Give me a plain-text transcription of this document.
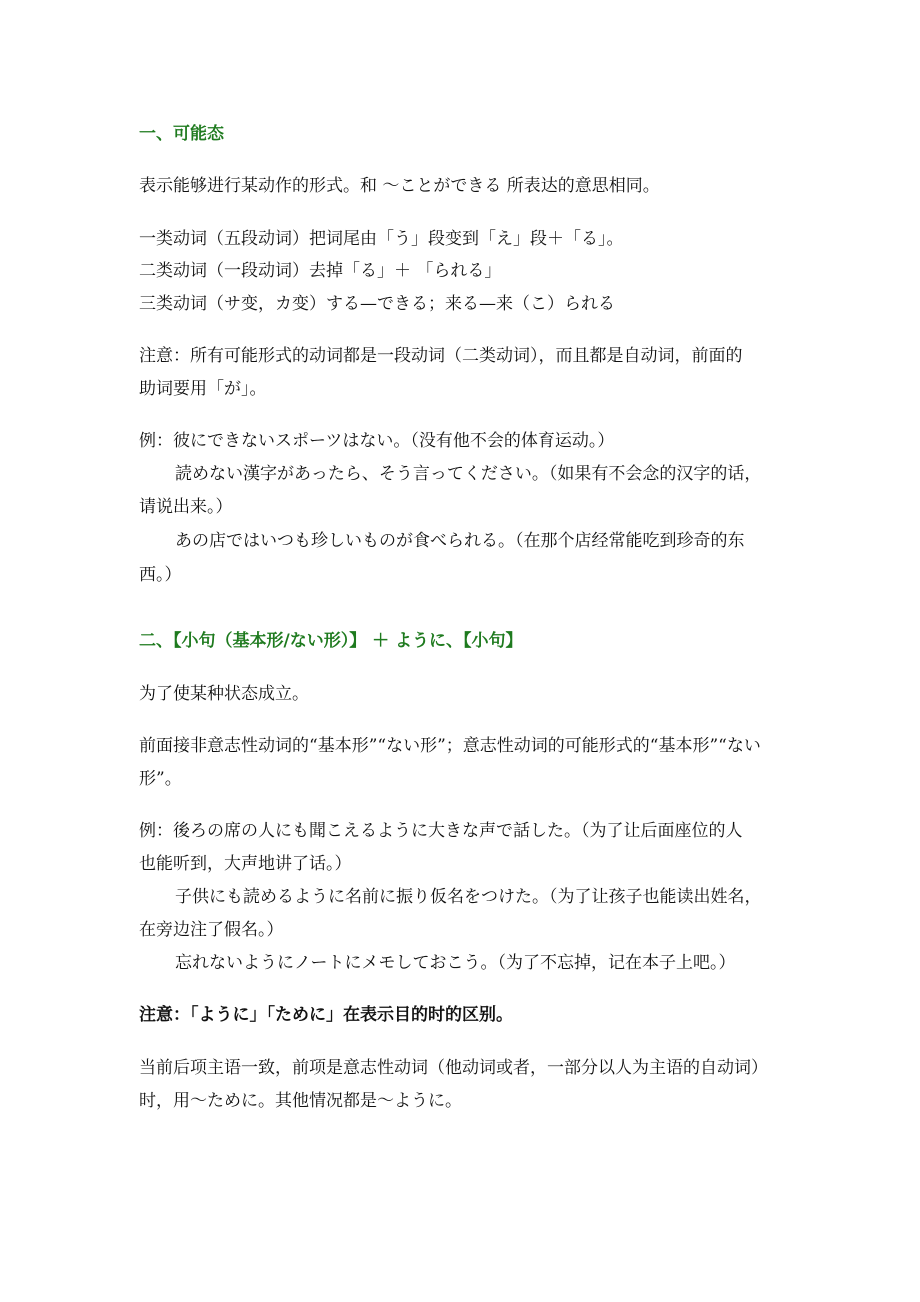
一、可能态
表示能够进行某动作的形式。和 ～ことができる 所表达的意思相同。
一类动词（五段动词）把词尾由「う」段变到「え」段＋「る」。
二类动词（一段动词）去掉「る」＋ 「られる」
三类动词（サ变，カ变）する—できる；来る—来（こ）られる
注意：所有可能形式的动词都是一段动词（二类动词），而且都是自动词，前面的
助词要用「が」。
例：彼にできないスポーツはない。（没有他不会的体育运动。）
読めない漢字があったら、そう言ってください。（如果有不会念的汉字的话，
请说出来。）
あの店ではいつも珍しいものが食べられる。（在那个店经常能吃到珍奇的东
西。）
二、【小句（基本形/ない形）】 ＋ ように、【小句】
为了使某种状态成立。
前面接非意志性动词的“基本形”“ない形”；意志性动词的可能形式的“基本形”“ない
形”。
例：後ろの席の人にも聞こえるように大きな声で話した。（为了让后面座位的人
也能听到，大声地讲了话。）
子供にも読めるように名前に振り仮名をつけた。（为了让孩子也能读出姓名，
在旁边注了假名。）
忘れないようにノートにメモしておこう。（为了不忘掉，记在本子上吧。）
注意：「ように」「ために」在表示目的时的区别。
当前后项主语一致，前项是意志性动词（他动词或者，一部分以人为主语的自动词）
时，用～ために。其他情况都是～ように。
